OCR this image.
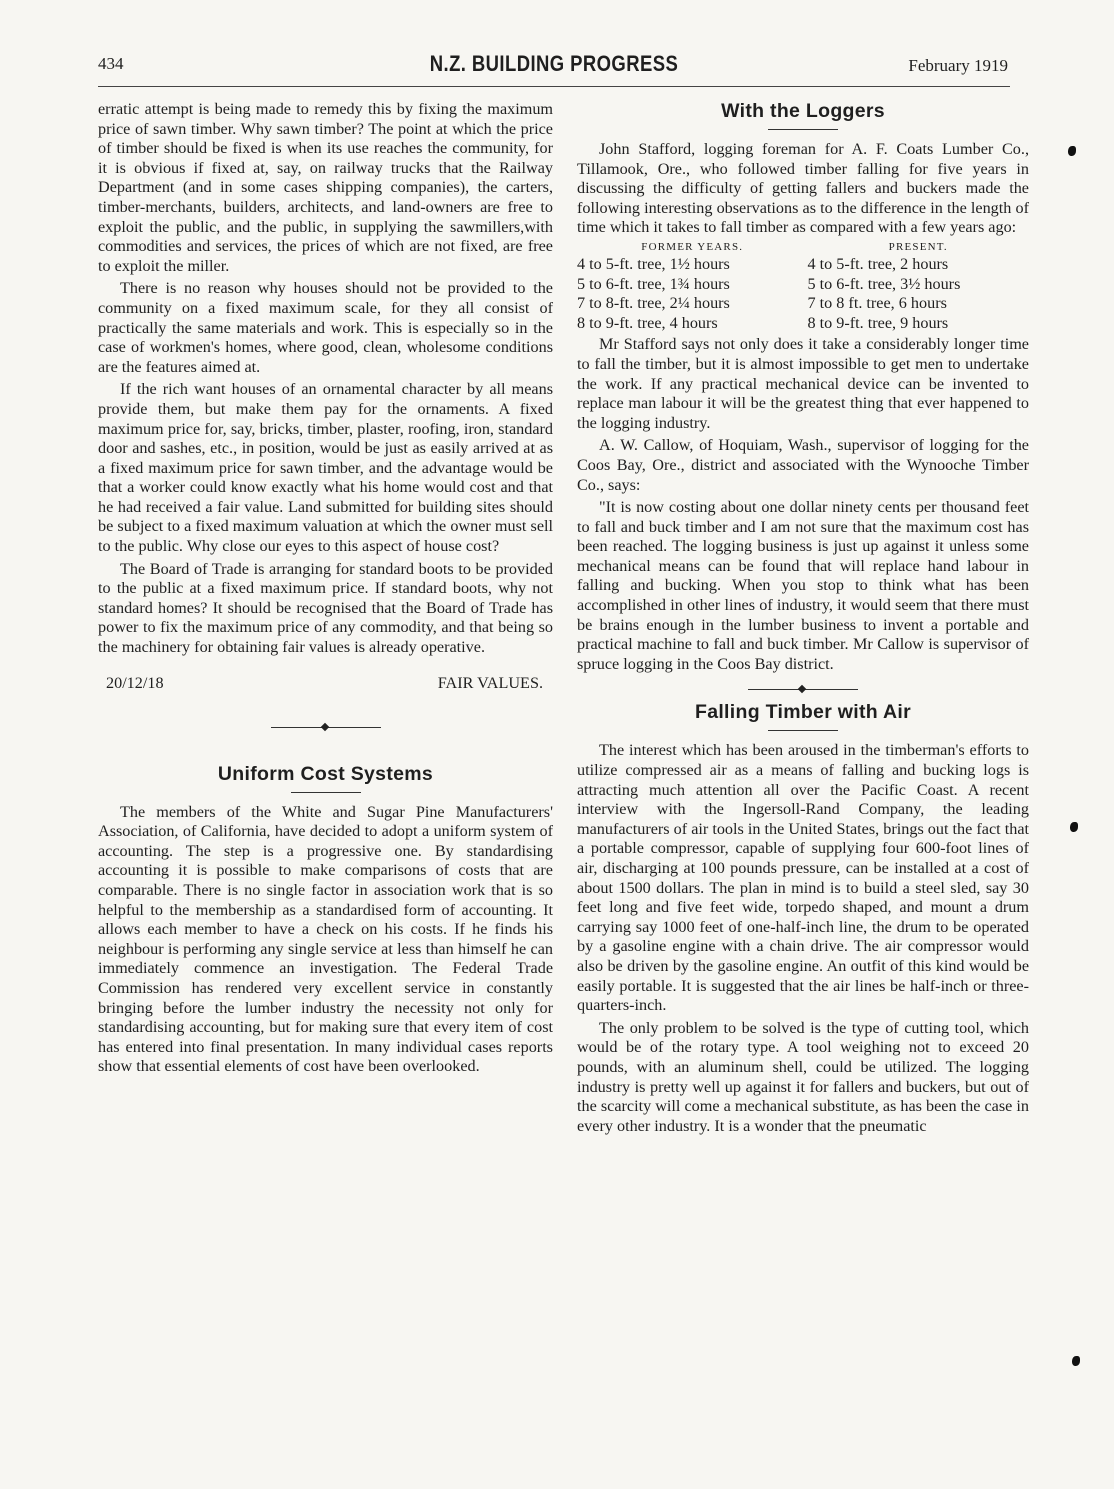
434	N.Z. BUILDING PROGRESS	February 1919

erratic attempt is being made to remedy this by fixing the maximum price of sawn timber. Why sawn timber? The point at which the price of timber should be fixed is when its use reaches the community, for it is obvious if fixed at, say, on railway trucks that the Railway Department (and in some cases shipping companies), the carters, timber-merchants, builders, architects, and land-owners are free to exploit the public, and the public, in supplying the sawmillers,with commodities and services, the prices of which are not fixed, are free to exploit the miller.

There is no reason why houses should not be provided to the community on a fixed maximum scale, for they all consist of practically the same materials and work. This is especially so in the case of workmen's homes, where good, clean, wholesome conditions are the features aimed at.

If the rich want houses of an ornamental character by all means provide them, but make them pay for the ornaments. A fixed maximum price for, say, bricks, timber, plaster, roofing, iron, standard door and sashes, etc., in position, would be just as easily arrived at as a fixed maximum price for sawn timber, and the advantage would be that a worker could know exactly what his home would cost and that he had received a fair value. Land submitted for building sites should be subject to a fixed maximum valuation at which the owner must sell to the public. Why close our eyes to this aspect of house cost?

The Board of Trade is arranging for standard boots to be provided to the public at a fixed maximum price. If standard boots, why not standard homes? It should be recognised that the Board of Trade has power to fix the maximum price of any commodity, and that being so the machinery for obtaining fair values is already operative.

20/12/18	FAIR VALUES.
Uniform Cost Systems

The members of the White and Sugar Pine Manufacturers' Association, of California, have decided to adopt a uniform system of accounting. The step is a progressive one. By standardising accounting it is possible to make comparisons of costs that are comparable. There is no single factor in association work that is so helpful to the membership as a standardised form of accounting. It allows each member to have a check on his costs. If he finds his neighbour is performing any single service at less than himself he can immediately commence an investigation. The Federal Trade Commission has rendered very excellent service in constantly bringing before the lumber industry the necessity not only for standardising accounting, but for making sure that every item of cost has entered into final presentation. In many individual cases reports show that essential elements of cost have been overlooked.

With the Loggers

John Stafford, logging foreman for A. F. Coats Lumber Co., Tillamook, Ore., who followed timber falling for five years in discussing the difficulty of getting fallers and buckers made the following interesting observations as to the difference in the length of time which it takes to fall timber as compared with a few years ago:

FORMER YEARS.	PRESENT.
4 to 5-ft. tree, 1½ hours	4 to 5-ft. tree, 2 hours
5 to 6-ft. tree, 1¾ hours	5 to 6-ft. tree, 3½ hours
7 to 8-ft. tree, 2¼ hours	7 to 8 ft. tree, 6 hours
8 to 9-ft. tree, 4 hours	8 to 9-ft. tree, 9 hours

Mr Stafford says not only does it take a considerably longer time to fall the timber, but it is almost impossible to get men to undertake the work. If any practical mechanical device can be invented to replace man labour it will be the greatest thing that ever happened to the logging industry.

A. W. Callow, of Hoquiam, Wash., supervisor of logging for the Coos Bay, Ore., district and associated with the Wynooche Timber Co., says:

"It is now costing about one dollar ninety cents per thousand feet to fall and buck timber and I am not sure that the maximum cost has been reached. The logging business is just up against it unless some mechanical means can be found that will replace hand labour in falling and bucking. When you stop to think what has been accomplished in other lines of industry, it would seem that there must be brains enough in the lumber business to invent a portable and practical machine to fall and buck timber. Mr Callow is supervisor of spruce logging in the Coos Bay district.

Falling Timber with Air

The interest which has been aroused in the timberman's efforts to utilize compressed air as a means of falling and bucking logs is attracting much attention all over the Pacific Coast. A recent interview with the Ingersoll-Rand Company, the leading manufacturers of air tools in the United States, brings out the fact that a portable compressor, capable of supplying four 600-foot lines of air, discharging at 100 pounds pressure, can be installed at a cost of about 1500 dollars. The plan in mind is to build a steel sled, say 30 feet long and five feet wide, torpedo shaped, and mount a drum carrying say 1000 feet of one-half-inch line, the drum to be operated by a gasoline engine with a chain drive. The air compressor would also be driven by the gasoline engine. An outfit of this kind would be easily portable. It is suggested that the air lines be half-inch or three-quarters-inch.

The only problem to be solved is the type of cutting tool, which would be of the rotary type. A tool weighing not to exceed 20 pounds, with an aluminum shell, could be utilized. The logging industry is pretty well up against it for fallers and buckers, but out of the scarcity will come a mechanical substitute, as has been the case in every other industry. It is a wonder that the pneumatic
